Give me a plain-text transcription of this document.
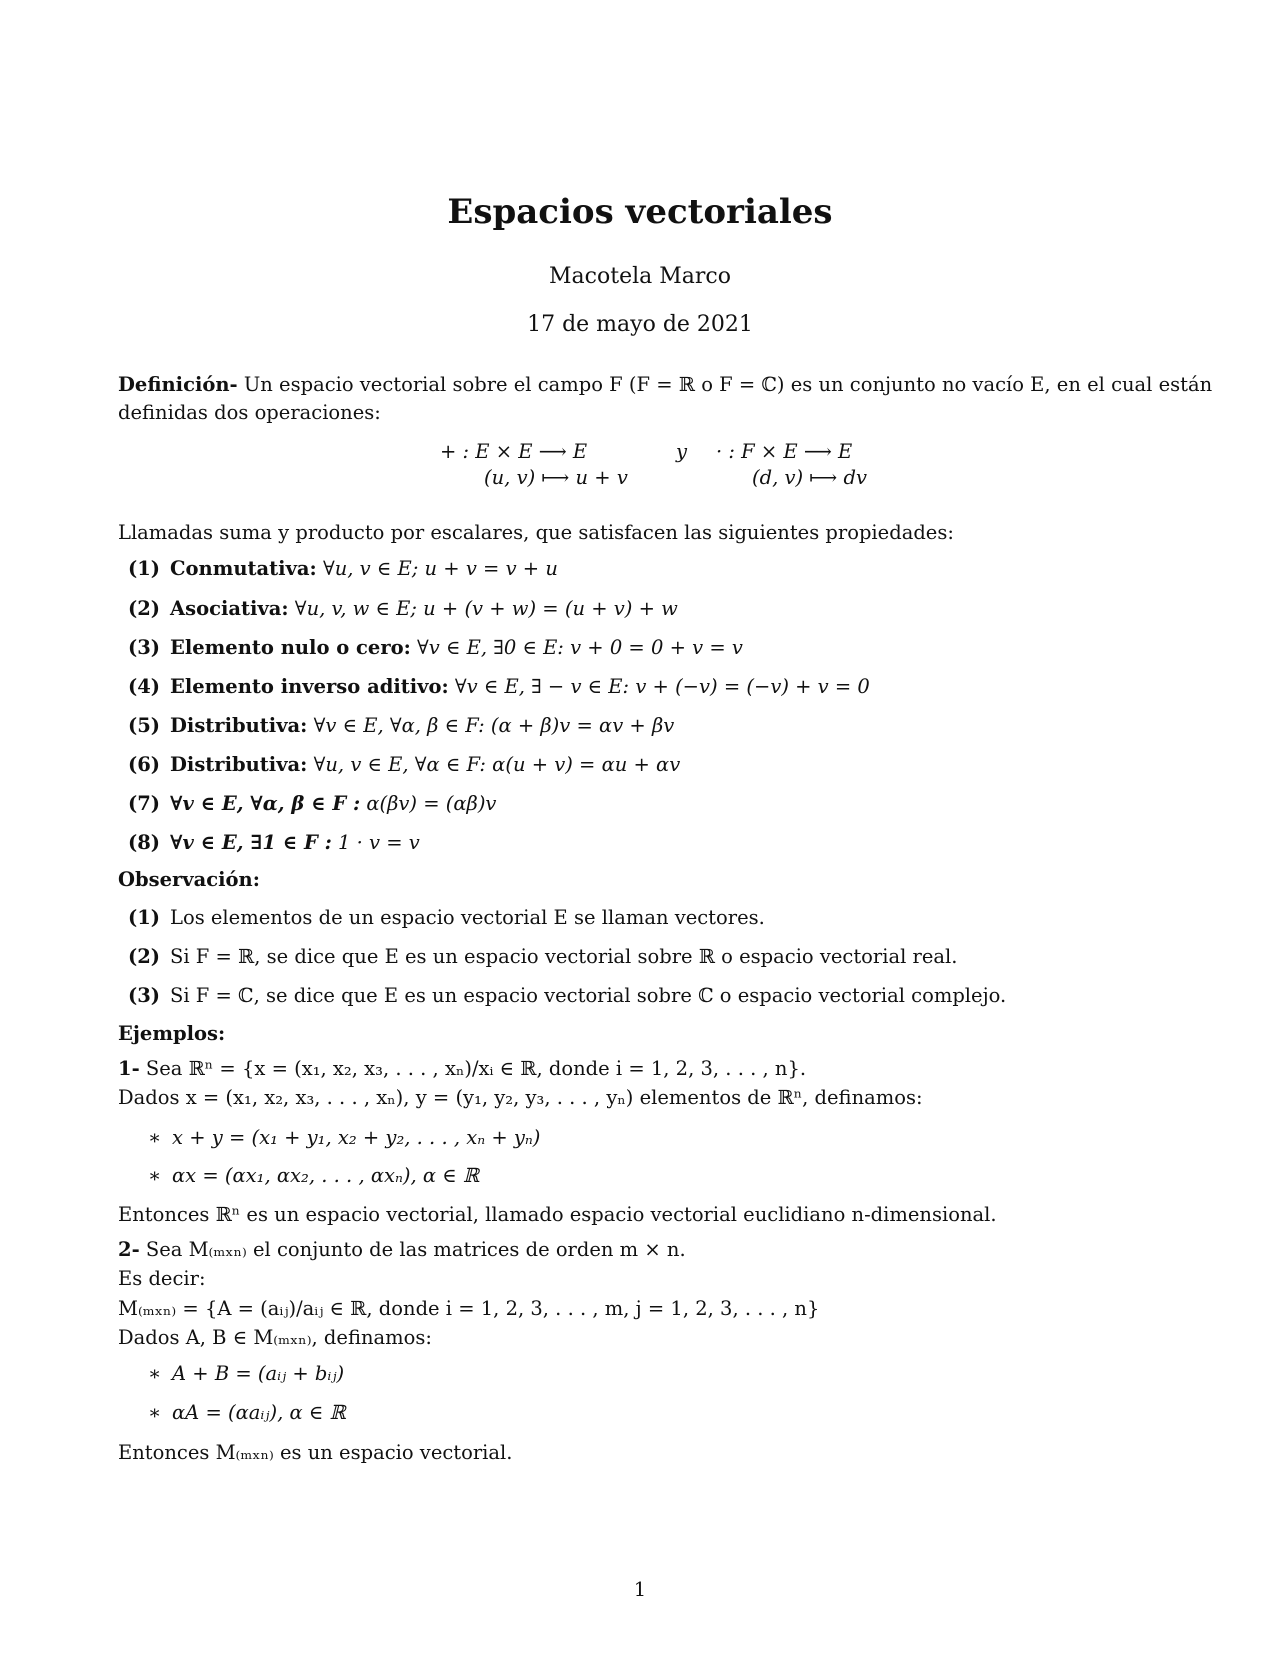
Espacios vectoriales
Macotela Marco
17 de mayo de 2021
Definición- Un espacio vectorial sobre el campo F (F = ℝ o F = ℂ) es un conjunto no vacío E, en el cual están
definidas dos operaciones:
+ : E × E ⟶ E
(u, v) ⟼ u + v
y · : F × E ⟶ E
(d, v) ⟼ dv
Llamadas suma y producto por escalares, que satisfacen las siguientes propiedades:
(1) Conmutativa: ∀u, v ∈ E; u + v = v + u
(2) Asociativa: ∀u, v, w ∈ E; u + (v + w) = (u + v) + w
(3) Elemento nulo o cero: ∀v ∈ E, ∃0 ∈ E: v + 0 = 0 + v = v
(4) Elemento inverso aditivo: ∀v ∈ E, ∃ − v ∈ E: v + (−v) = (−v) + v = 0
(5) Distributiva: ∀v ∈ E, ∀α, β ∈ F: (α + β)v = αv + βv
(6) Distributiva: ∀u, v ∈ E, ∀α ∈ F: α(u + v) = αu + αv
(7) ∀v ∈ E, ∀α, β ∈ F : α(βv) = (αβ)v
(8) ∀v ∈ E, ∃1 ∈ F : 1 · v = v
Observación:
(1) Los elementos de un espacio vectorial E se llaman vectores.
(2) Si F = ℝ, se dice que E es un espacio vectorial sobre ℝ o espacio vectorial real.
(3) Si F = ℂ, se dice que E es un espacio vectorial sobre ℂ o espacio vectorial complejo.
Ejemplos:
1- Sea ℝⁿ = {x = (x₁, x₂, x₃, . . . , xₙ)/xᵢ ∈ ℝ, donde i = 1, 2, 3, . . . , n}.
Dados x = (x₁, x₂, x₃, . . . , xₙ), y = (y₁, y₂, y₃, . . . , yₙ) elementos de ℝⁿ, definamos:
∗ x + y = (x₁ + y₁, x₂ + y₂, . . . , xₙ + yₙ)
∗ αx = (αx₁, αx₂, . . . , αxₙ), α ∈ ℝ
Entonces ℝⁿ es un espacio vectorial, llamado espacio vectorial euclidiano n-dimensional.
2- Sea M₍ₘₓₙ₎ el conjunto de las matrices de orden m × n.
Es decir:
M₍ₘₓₙ₎ = {A = (aᵢⱼ)/aᵢⱼ ∈ ℝ, donde i = 1, 2, 3, . . . , m, j = 1, 2, 3, . . . , n}
Dados A, B ∈ M₍ₘₓₙ₎, definamos:
∗ A + B = (aᵢⱼ + bᵢⱼ)
∗ αA = (αaᵢⱼ), α ∈ ℝ
Entonces M₍ₘₓₙ₎ es un espacio vectorial.
1
